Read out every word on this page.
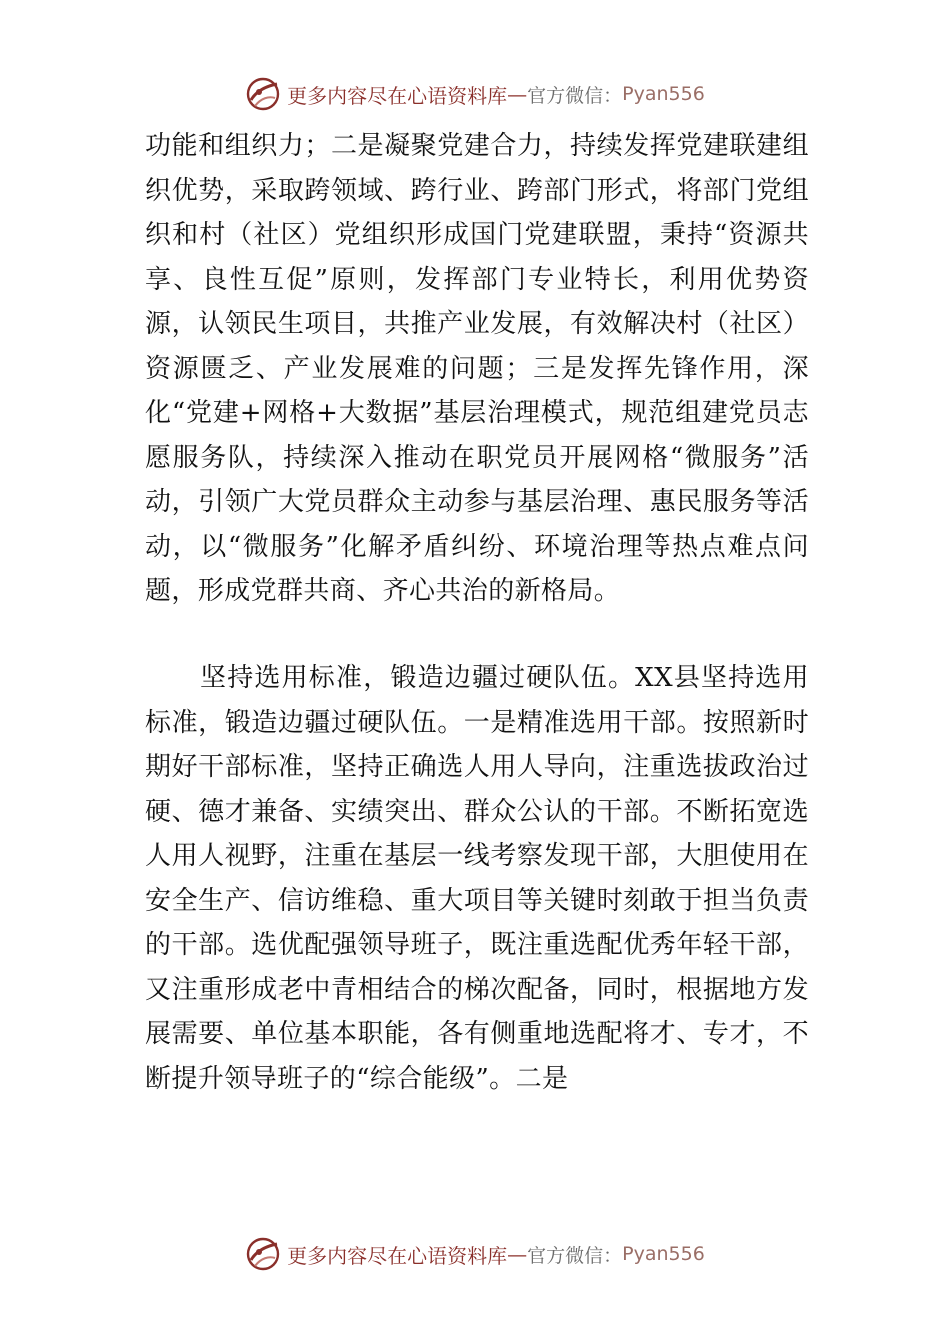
更多内容尽在心语资料库 — 官方微信： Pyan556

功能和组织力；二是凝聚党建合力，持续发挥党建联建组织优势，采取跨领域、跨行业、跨部门形式，将部门党组织和村（社区）党组织形成国门党建联盟，秉持“资源共享、良性互促”原则，发挥部门专业特长，利用优势资源，认领民生项目，共推产业发展，有效解决村（社区）资源匮乏、产业发展难的问题；三是发挥先锋作用，深化“党建+网格+大数据”基层治理模式，规范组建党员志愿服务队，持续深入推动在职党员开展网格“微服务”活动，引领广大党员群众主动参与基层治理、惠民服务等活动，以“微服务”化解矛盾纠纷、环境治理等热点难点问题，形成党群共商、齐心共治的新格局。

坚持选用标准，锻造边疆过硬队伍。XX县坚持选用标准，锻造边疆过硬队伍。一是精准选用干部。按照新时期好干部标准，坚持正确选人用人导向，注重选拔政治过硬、德才兼备、实绩突出、群众公认的干部。不断拓宽选人用人视野，注重在基层一线考察发现干部，大胆使用在安全生产、信访维稳、重大项目等关键时刻敢于担当负责的干部。选优配强领导班子，既注重选配优秀年轻干部，又注重形成老中青相结合的梯次配备，同时，根据地方发展需要、单位基本职能，各有侧重地选配将才、专才，不断提升领导班子的“综合能级”。二是

更多内容尽在心语资料库 — 官方微信： Pyan556
